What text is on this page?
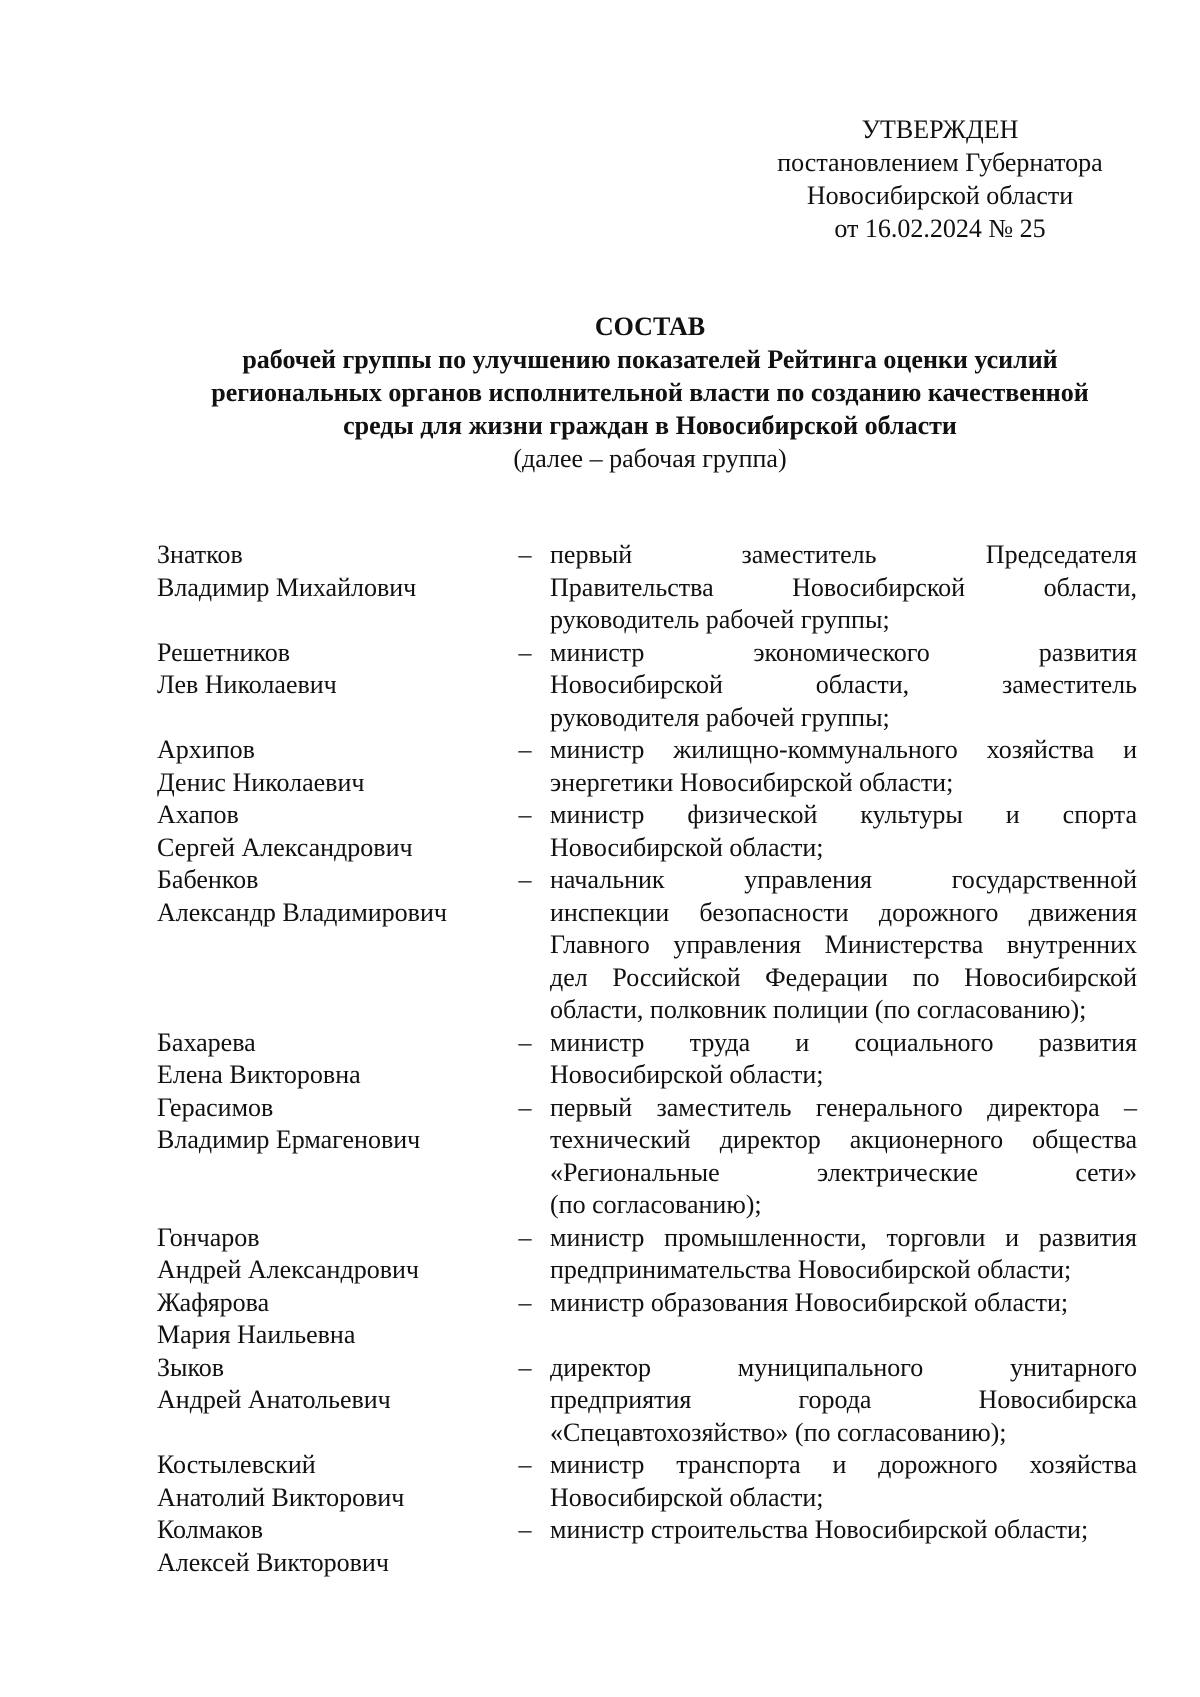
УТВЕРЖДЕН
постановлением Губернатора
Новосибирской области
от 16.02.2024 № 25
СОСТАВ
рабочей группы по улучшению показателей Рейтинга оценки усилий
региональных органов исполнительной власти по созданию качественной
среды для жизни граждан в Новосибирской области
(далее – рабочая группа)
Знатков
Владимир Михайлович
– первый заместитель Председателя
Правительства Новосибирской области,
руководитель рабочей группы;
Решетников
Лев Николаевич
– министр экономического развития
Новосибирской области, заместитель
руководителя рабочей группы;
Архипов
Денис Николаевич
– министр жилищно-коммунального хозяйства и
энергетики Новосибирской области;
Ахапов
Сергей Александрович
– министр физической культуры и спорта
Новосибирской области;
Бабенков
Александр Владимирович
– начальник управления государственной
инспекции безопасности дорожного движения
Главного управления Министерства внутренних
дел Российской Федерации по Новосибирской
области, полковник полиции (по согласованию);
Бахарева
Елена Викторовна
– министр труда и социального развития
Новосибирской области;
Герасимов
Владимир Ермагенович
– первый заместитель генерального директора –
технический директор акционерного общества
«Региональные электрические сети»
(по согласованию);
Гончаров
Андрей Александрович
– министр промышленности, торговли и развития
предпринимательства Новосибирской области;
Жафярова
Мария Наильевна
– министр образования Новосибирской области;
Зыков
Андрей Анатольевич
– директор муниципального унитарного
предприятия города Новосибирска
«Спецавтохозяйство» (по согласованию);
Костылевский
Анатолий Викторович
– министр транспорта и дорожного хозяйства
Новосибирской области;
Колмаков
Алексей Викторович
– министр строительства Новосибирской области;
